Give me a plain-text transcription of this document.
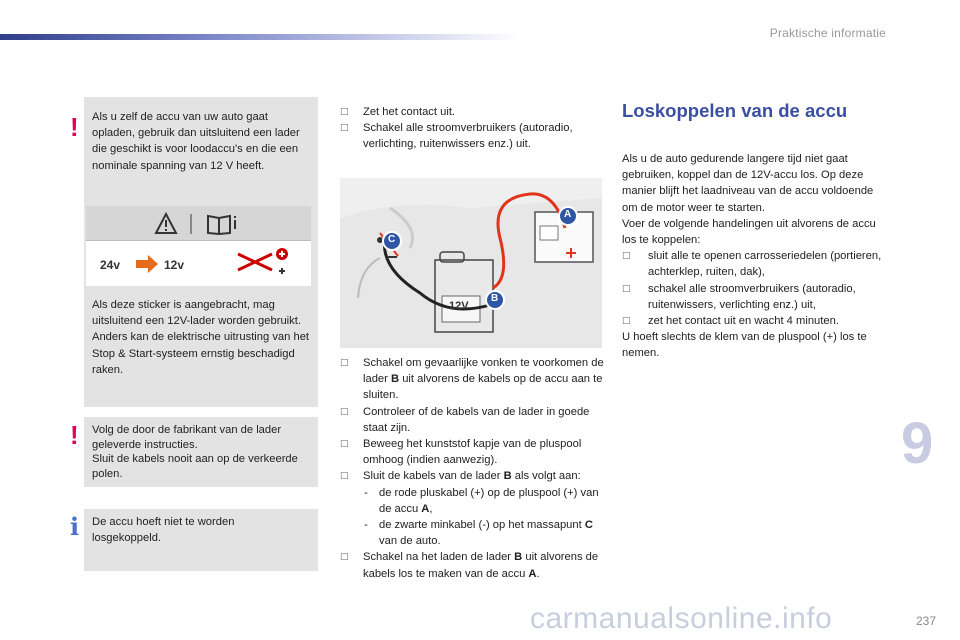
Praktische informatie
! Als u zelf de accu van uw auto gaat opladen, gebruik dan uitsluitend een lader die geschikt is voor loodaccu's en die een nominale spanning van 12 V heeft.
24v	12v
Als deze sticker is aangebracht, mag uitsluitend een 12V-lader worden gebruikt. Anders kan de elektrische uitrusting van het Stop & Start-systeem ernstig beschadigd raken.
! Volg de door de fabrikant van de lader geleverde instructies.

Sluit de kabels nooit aan op de verkeerde polen.

i De accu hoeft niet te worden losgekoppeld.
□ Zet het contact uit.
□ Schakel alle stroomverbruikers (autoradio, verlichting, ruitenwissers enz.) uit.
A
B
C
12V
□ Schakel om gevaarlijke vonken te voorkomen de lader B uit alvorens de kabels op de accu aan te sluiten.
□ Controleer of de kabels van de lader in goede staat zijn.
□ Beweeg het kunststof kapje van de pluspool omhoog (indien aanwezig).
□ Sluit de kabels van de lader B als volgt aan:
- de rode pluskabel (+) op de pluspool (+) van de accu A,
- de zwarte minkabel (-) op het massapunt C van de auto.
□ Schakel na het laden de lader B uit alvorens de kabels los te maken van de accu A.
Loskoppelen van de accu

Als u de auto gedurende langere tijd niet gaat gebruiken, koppel dan de 12V-accu los. Op deze manier blijft het laadniveau van de accu voldoende om de motor weer te starten.

Voer de volgende handelingen uit alvorens de accu los te koppelen:

□ sluit alle te openen carrosseriedelen (portieren, achterklep, ruiten, dak),
□ schakel alle stroomverbruikers (autoradio, ruitenwissers, verlichting enz.) uit,
□ zet het contact uit en wacht 4 minuten.

U hoeft slechts de klem van de pluspool (+) los te nemen.

9
carmanualsonline.info	237
